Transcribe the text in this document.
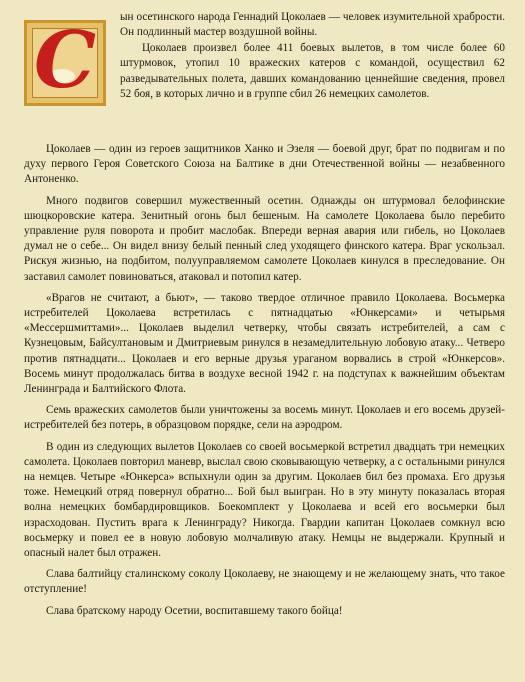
С	ын осетинского народа Геннадий Цоколаев — человек изумительной храбрости. Он подлинный мастер воздушной войны.

Цоколаев произвел более 411 боевых вылетов, в том числе более 60 штурмовок, утопил 10 вражеских катеров с командой, осуществил 62 разведывательных полета, давших командованию ценнейшие сведения, провел 52 боя, в которых лично и в группе сбил 26 немецких самолетов.

Цоколаев — один из героев защитников Ханко и Эзеля — боевой друг, брат по подвигам и по духу первого Героя Советского Союза на Балтике в дни Отечественной войны — незабвенного Антоненко.

Много подвигов совершил мужественный осетин. Однажды он штурмовал белофинские шюцкоровские катера. Зенитный огонь был бешеным. На самолете Цоколаева было перебито управление руля поворота и пробит маслобак. Впереди верная авария или гибель, но Цоколаев думал не о себе... Он видел внизу белый пенный след уходящего финского катера. Враг ускользал. Рискуя жизнью, на подбитом, полууправляемом самолете Цоколаев кинулся в преследование. Он заставил самолет повиноваться, атаковал и потопил катер.

«Врагов не считают, а бьют», — таково твердое отличное правило Цоколаева. Восьмерка истребителей Цоколаева встретилась с пятнадцатью «Юнкерсами» и четырьмя «Мессершмиттами»... Цоколаев выделил четверку, чтобы связать истребителей, а сам с Кузнецовым, Байсултановым и Дмитриевым ринулся в незамедлительную лобовую атаку... Четверо против пятнадцати... Цоколаев и его верные друзья ураганом ворвались в строй «Юнкерсов». Восемь минут продолжалась битва в воздухе весной 1942 г. на подступах к важнейшим объектам Ленинграда и Балтийского Флота.

Семь вражеских самолетов были уничтожены за восемь минут. Цоколаев и его восемь друзей-истребителей без потерь, в образцовом порядке, сели на аэродром.

В один из следующих вылетов Цоколаев со своей восьмеркой встретил двадцать три немецких самолета. Цоколаев повторил маневр, выслал свою сковывающую четверку, а с остальными ринулся на немцев. Четыре «Юнкерса» вспыхнули один за другим. Цоколаев бил без промаха. Его друзья тоже. Немецкий отряд повернул обратно... Бой был выигран. Но в эту минуту показалась вторая волна немецких бомбардировщиков. Боекомплект у Цоколаева и всей его восьмерки был израсходован. Пустить врага к Ленинграду? Никогда. Гвардии капитан Цоколаев сомкнул всю восьмерку и повел ее в новую лобовую молчаливую атаку. Немцы не выдержали. Крупный и опасный налет был отражен.

Слава балтийцу сталинскому соколу Цоколаеву, не знающему и не желающему знать, что такое отступление!

Слава братскому народу Осетии, воспитавшему такого бойца!
